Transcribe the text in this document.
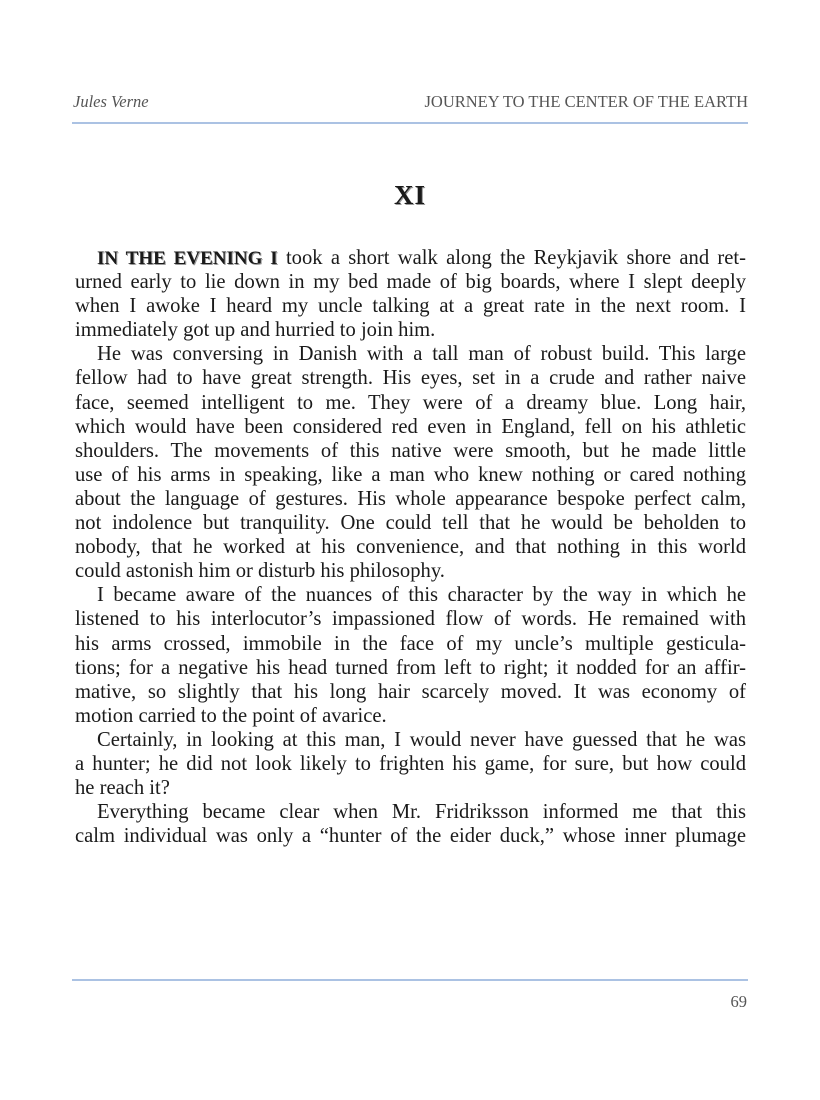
Jules Verne	JOURNEY TO THE CENTER OF THE EARTH
XI
IN THE EVENING I took a short walk along the Reykjavik shore and ret-
urned early to lie down in my bed made of big boards, where I slept deeply
when I awoke I heard my uncle talking at a great rate in the next room. I
immediately got up and hurried to join him.
He was conversing in Danish with a tall man of robust build. This large
fellow had to have great strength. His eyes, set in a crude and rather naive
face, seemed intelligent to me. They were of a dreamy blue. Long hair,
which would have been considered red even in England, fell on his athletic
shoulders. The movements of this native were smooth, but he made little
use of his arms in speaking, like a man who knew nothing or cared nothing
about the language of gestures. His whole appearance bespoke perfect calm,
not indolence but tranquility. One could tell that he would be beholden to
nobody, that he worked at his convenience, and that nothing in this world
could astonish him or disturb his philosophy.
I became aware of the nuances of this character by the way in which he
listened to his interlocutor’s impassioned flow of words. He remained with
his arms crossed, immobile in the face of my uncle’s multiple gesticula-
tions; for a negative his head turned from left to right; it nodded for an affir-
mative, so slightly that his long hair scarcely moved. It was economy of
motion carried to the point of avarice.
Certainly, in looking at this man, I would never have guessed that he was
a hunter; he did not look likely to frighten his game, for sure, but how could
he reach it?
Everything became clear when Mr. Fridriksson informed me that this
calm individual was only a “hunter of the eider duck,” whose inner plumage
69
